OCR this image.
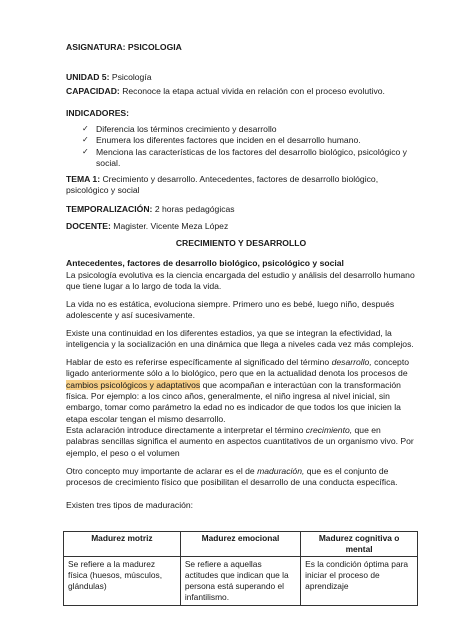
ASIGNATURA: PSICOLOGIA

UNIDAD 5: Psicología

CAPACIDAD: Reconoce la etapa actual vivida en relación con el proceso evolutivo.

INDICADORES:

✓ Diferencia los términos crecimiento y desarrollo
✓ Enumera los diferentes factores que inciden en el desarrollo humano.
✓ Menciona las características de los factores del desarrollo biológico, psicológico y social.

TEMA 1: Crecimiento y desarrollo. Antecedentes, factores de desarrollo biológico, psicológico y social

TEMPORALIZACIÓN: 2 horas pedagógicas

DOCENTE: Magister. Vicente Meza López

CRECIMIENTO Y DESARROLLO

Antecedentes, factores de desarrollo biológico, psicológico y social

La psicología evolutiva es la ciencia encargada del estudio y análisis del desarrollo humano que tiene lugar a lo largo de toda la vida.

La vida no es estática, evoluciona siempre. Primero uno es bebé, luego niño, después adolescente y así sucesivamente.

Existe una continuidad en los diferentes estadios, ya que se integran la efectividad, la inteligencia y la socialización en una dinámica que llega a niveles cada vez más complejos.

Hablar de esto es referirse específicamente al significado del término desarrollo, concepto ligado anteriormente sólo a lo biológico, pero que en la actualidad denota los procesos de cambios psicológicos y adaptativos que acompañan e interactúan con la transformación física. Por ejemplo: a los cinco años, generalmente, el niño ingresa al nivel inicial, sin embargo, tomar como parámetro la edad no es indicador de que todos los que inicien la etapa escolar tengan el mismo desarrollo.

Esta aclaración introduce directamente a interpretar el término crecimiento, que en palabras sencillas significa el aumento en aspectos cuantitativos de un organismo vivo. Por ejemplo, el peso o el volumen

Otro concepto muy importante de aclarar es el de maduración, que es el conjunto de procesos de crecimiento físico que posibilitan el desarrollo de una conducta específica.

Existen tres tipos de maduración:

Madurez motriz	Madurez emocional	Madurez cognitiva o mental
Se refiere a la madurez física (huesos, músculos, glándulas)	Se refiere a aquellas actitudes que indican que la persona está superando el infantilismo.	Es la condición óptima para iniciar el proceso de aprendizaje
